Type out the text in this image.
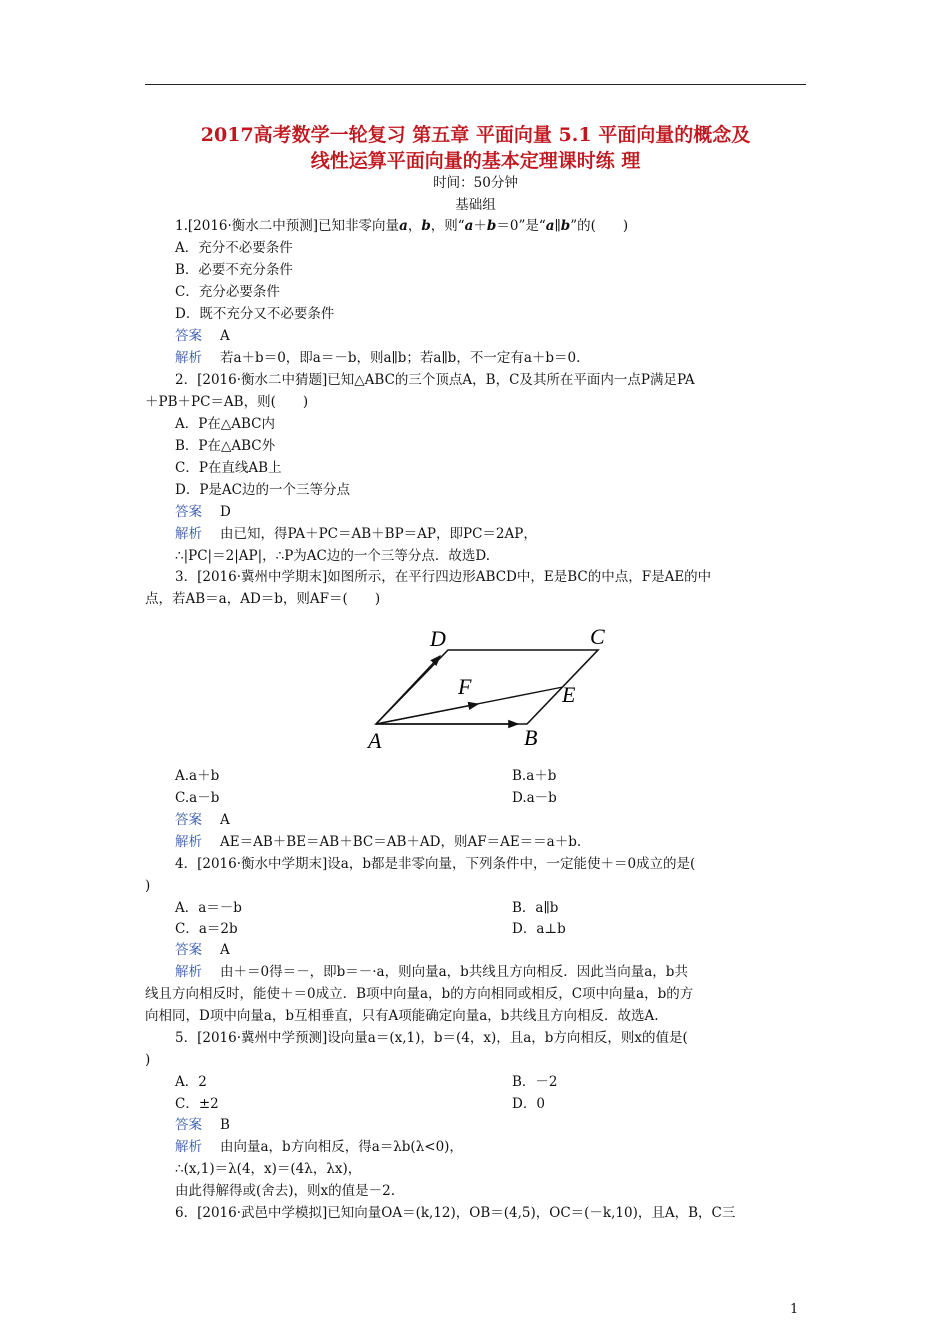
2017高考数学一轮复习 第五章 平面向量 5.1 平面向量的概念及
线性运算平面向量的基本定理课时练 理
时间：50分钟
基础组
1.[2016·衡水二中预测]已知非零向量a，b，则“a＋b＝0”是“a∥b”的(　　)
A．充分不必要条件
B．必要不充分条件
C．充分必要条件
D．既不充分又不必要条件
答案 A
解析 若a＋b＝0，即a＝－b，则a∥b；若a∥b，不一定有a＋b＝0.
2．[2016·衡水二中猜题]已知△ABC的三个顶点A，B，C及其所在平面内一点P满足PA
＋PB＋PC＝AB，则(　　)
A．P在△ABC内
B．P在△ABC外
C．P在直线AB上
D．P是AC边的一个三等分点
答案 D
解析 由已知，得PA＋PC＝AB＋BP＝AP，即PC＝2AP，
∴|PC|＝2|AP|，∴P为AC边的一个三等分点．故选D.
3．[2016·冀州中学期末]如图所示，在平行四边形ABCD中，E是BC的中点，F是AE的中
点，若AB＝a，AD＝b，则AF＝(　　)
A	B
C
D
E
F
A.a＋b	B.a＋b
C.a－b	D.a－b
答案 A
解析 AE＝AB＋BE＝AB＋BC＝AB＋AD，则AF＝AE＝＝a＋b.
4．[2016·衡水中学期末]设a，b都是非零向量，下列条件中，一定能使＋＝0成立的是(
)
A．a＝－b	B．a∥b
C．a＝2b	D．a⊥b
答案 A
解析 由＋＝0得＝－，即b＝－·a，则向量a，b共线且方向相反．因此当向量a，b共
线且方向相反时，能使＋＝0成立．B项中向量a，b的方向相同或相反，C项中向量a，b的方
向相同，D项中向量a，b互相垂直，只有A项能确定向量a，b共线且方向相反．故选A.
5．[2016·冀州中学预测]设向量a＝(x,1)，b＝(4，x)，且a，b方向相反，则x的值是(
)
A．2	B．－2
C．±2	D．0
答案 B
解析 由向量a，b方向相反，得a＝λb(λ<0)，
∴(x,1)＝λ(4，x)＝(4λ，λx)，
由此得解得或(舍去)，则x的值是－2.
6．[2016·武邑中学模拟]已知向量OA＝(k,12)，OB＝(4,5)，OC＝(－k,10)，且A，B，C三
1
